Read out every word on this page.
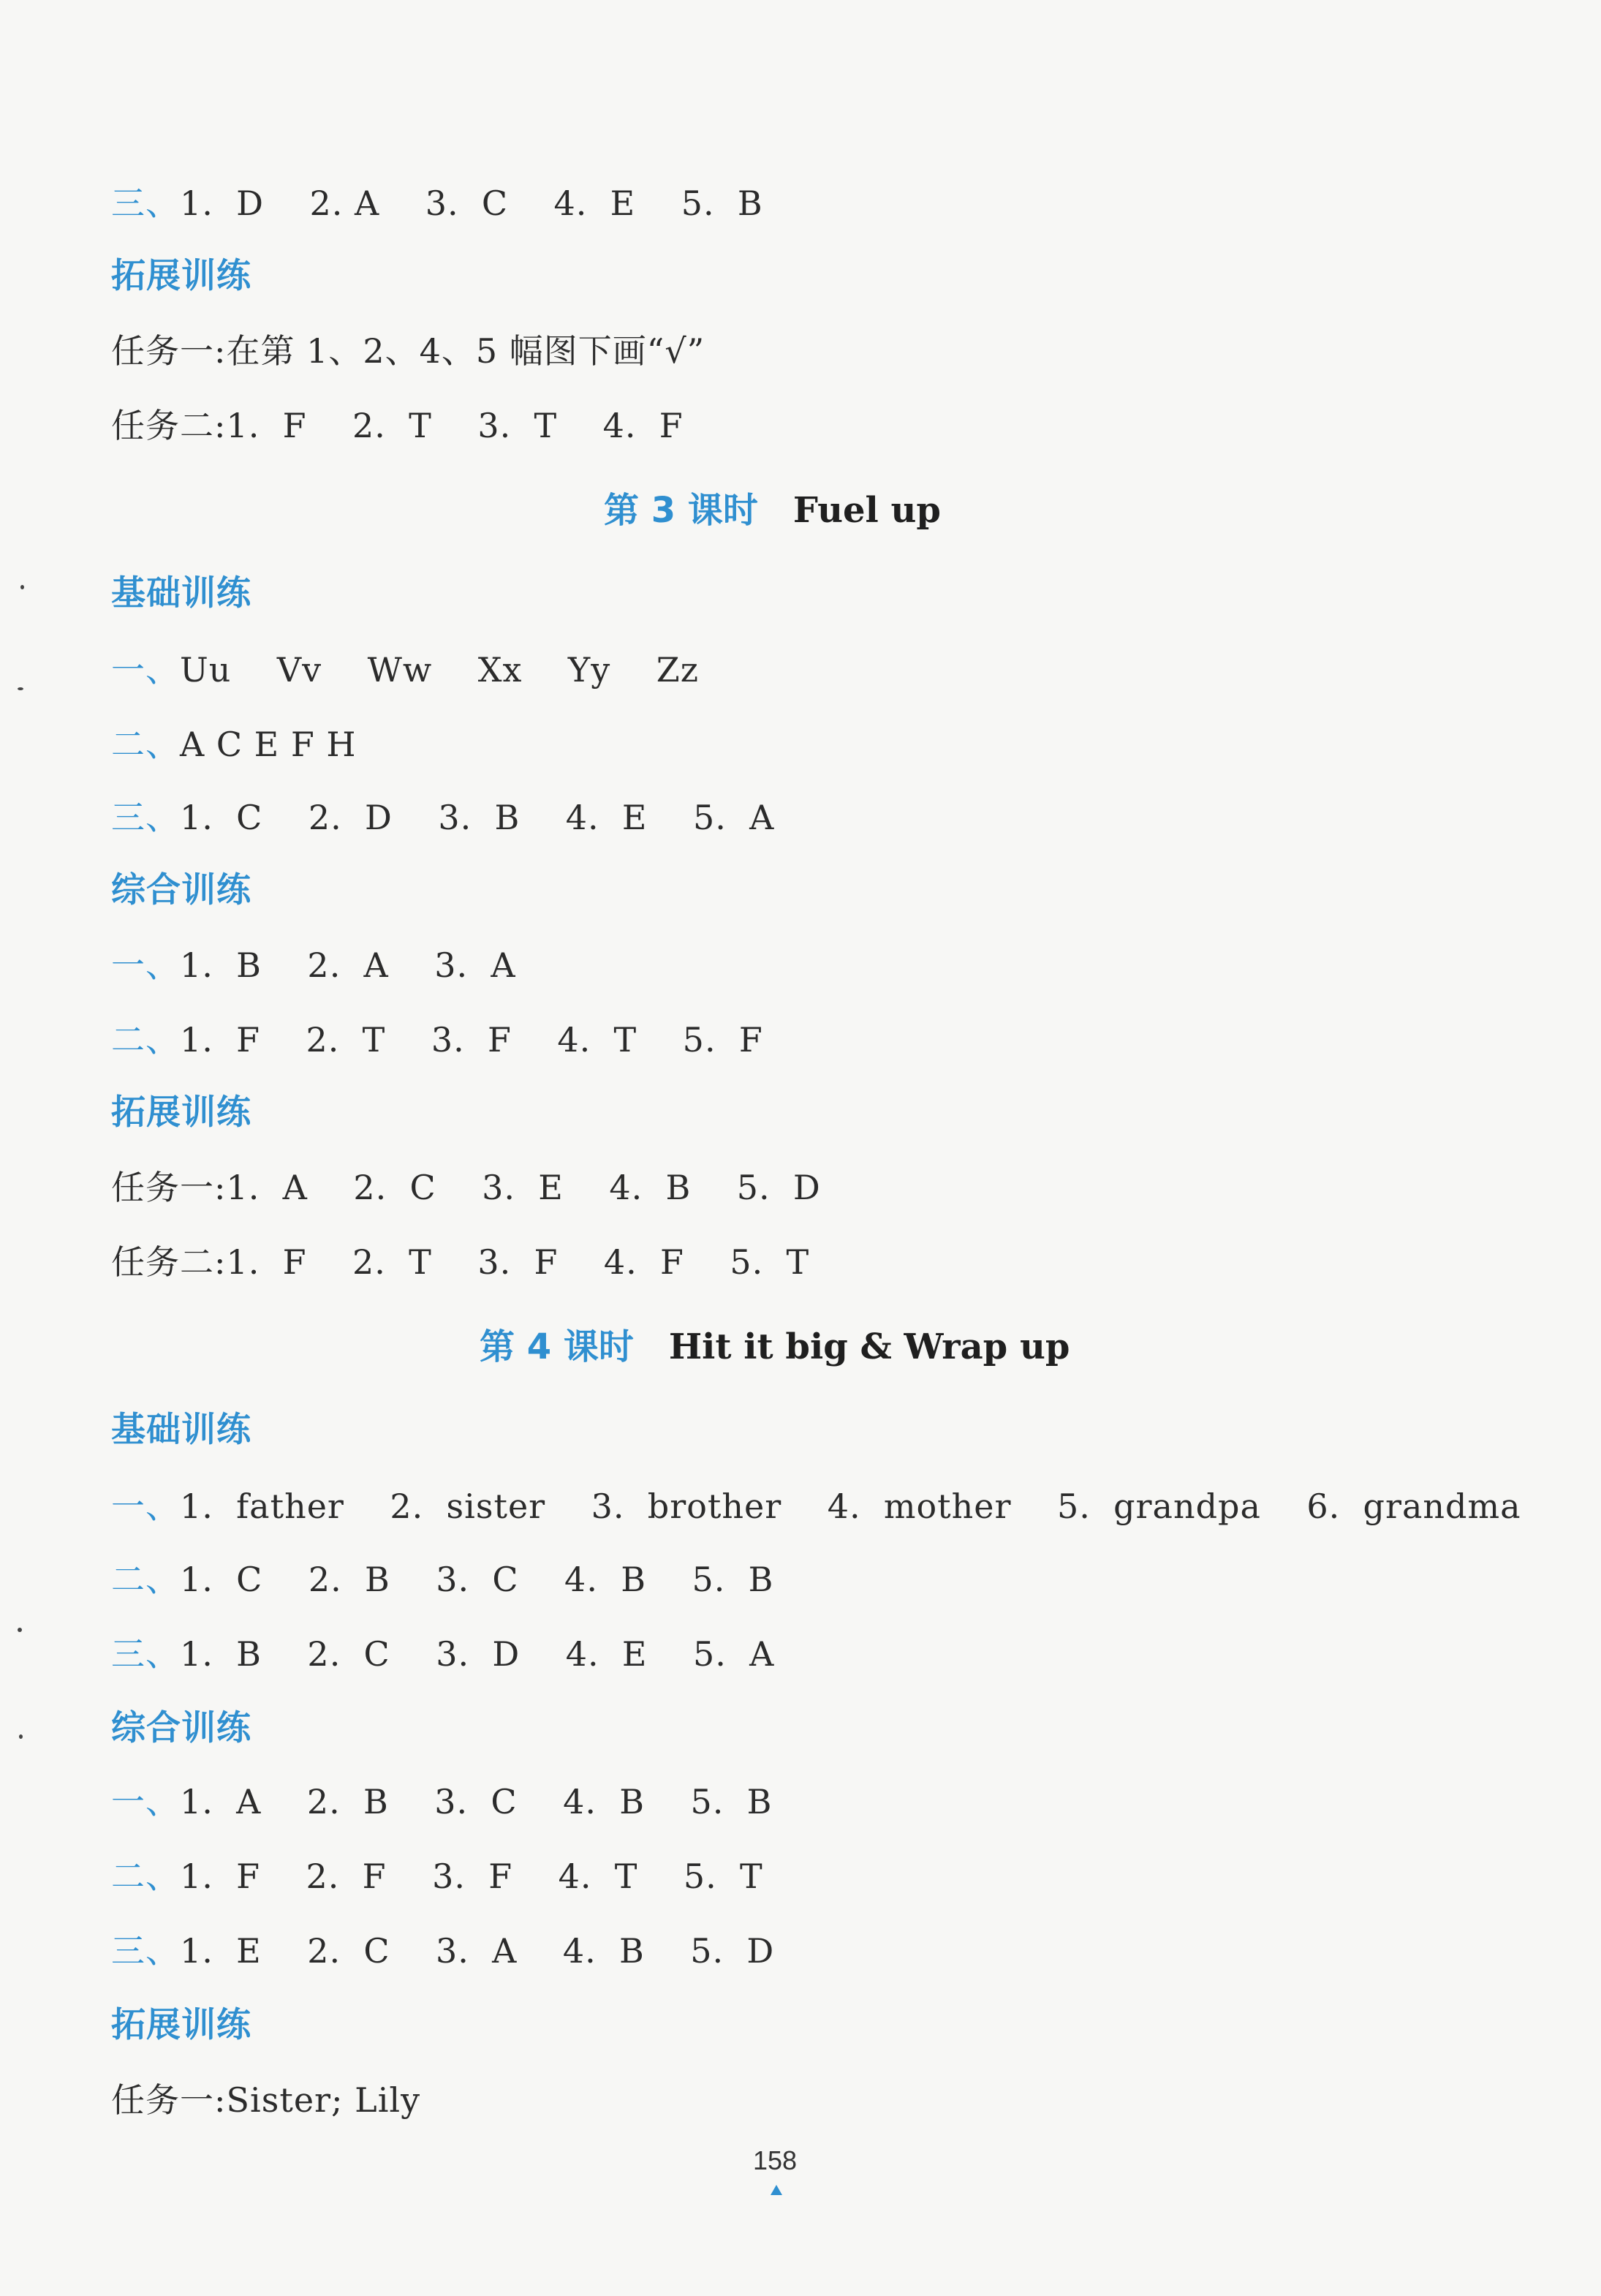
三、1.  D    2. A    3.  C    4.  E    5.  B
拓展训练
任务一:在第 1、2、4、5 幅图下画“√”
任务二:1.  F    2.  T    3.  T    4.  F
第 3 课时 Fuel up
基础训练
一、Uu    Vv    Ww    Xx    Yy    Zz
二、A C E F H
三、1.  C    2.  D    3.  B    4.  E    5.  A
综合训练
一、1.  B    2.  A    3.  A
二、1.  F    2.  T    3.  F    4.  T    5.  F
拓展训练
任务一:1.  A    2.  C    3.  E    4.  B    5.  D
任务二:1.  F    2.  T    3.  F    4.  F    5.  T
第 4 课时 Hit it big & Wrap up
基础训练
一、1.  father    2.  sister    3.  brother    4.  mother    5.  grandpa    6.  grandma
二、1.  C    2.  B    3.  C    4.  B    5.  B
三、1.  B    2.  C    3.  D    4.  E    5.  A
综合训练
一、1.  A    2.  B    3.  C    4.  B    5.  B
二、1.  F    2.  F    3.  F    4.  T    5.  T
三、1.  E    2.  C    3.  A    4.  B    5.  D
拓展训练
任务一:Sister; Lily
158
